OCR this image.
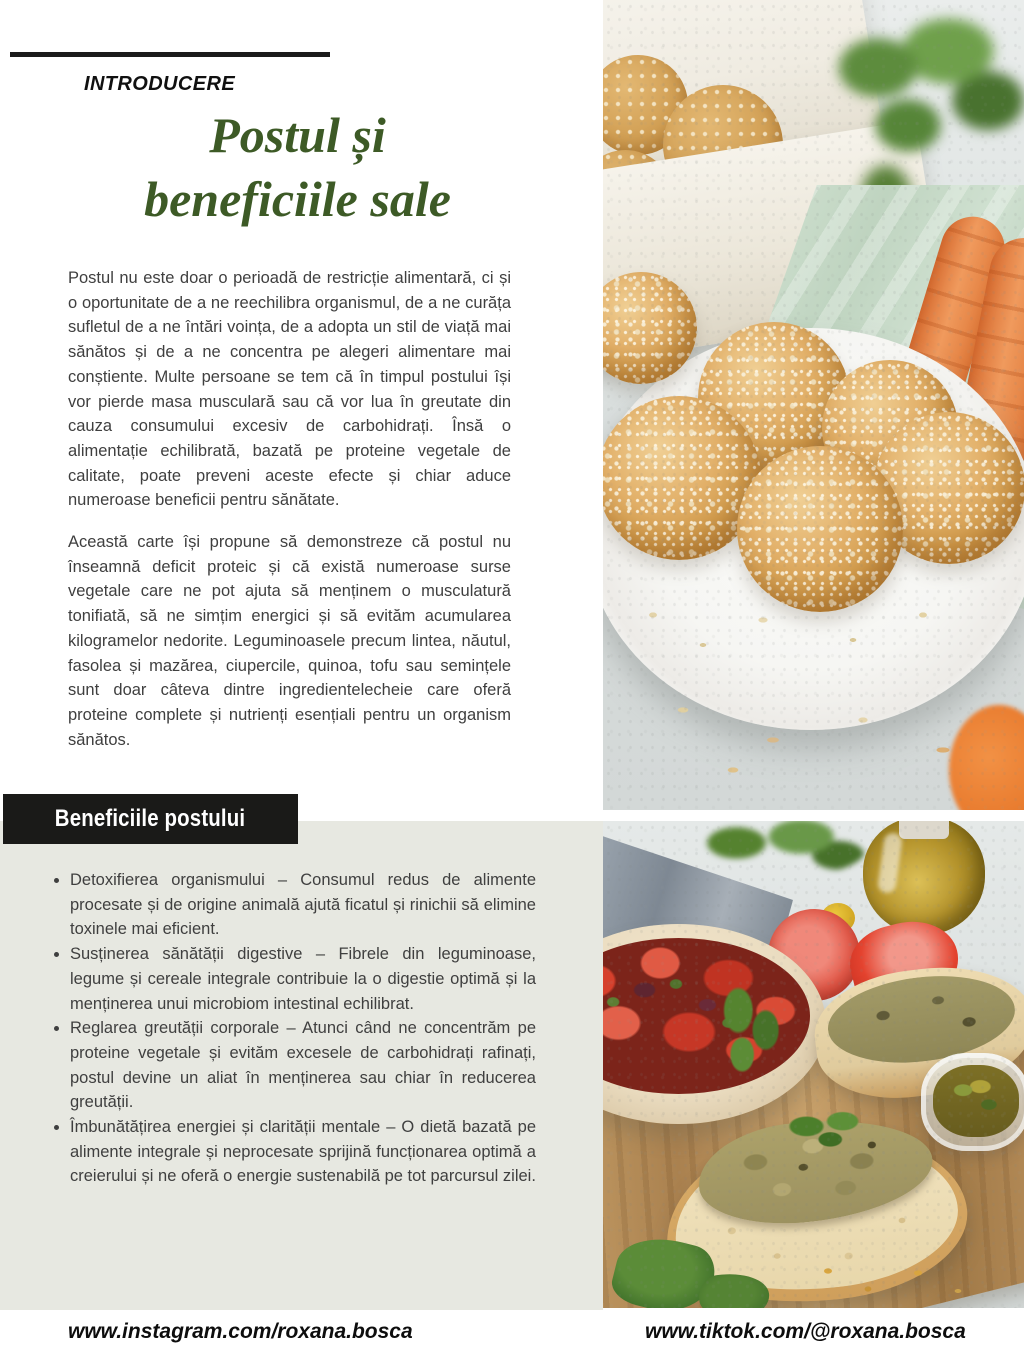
INTRODUCERE
Postul și
beneficiile sale

Postul nu este doar o perioadă de restricție alimentară, ci și o oportunitate de a ne reechilibra organismul, de a ne curăța sufletul de a ne întări voința, de a adopta un stil de viață mai sănătos și de a ne concentra pe alegeri alimentare mai conștiente. Multe persoane se tem că în timpul postului își vor pierde masa musculară sau că vor lua în greutate din cauza consumului excesiv de carbohidrați. Însă o alimentație echilibrată, bazată pe proteine vegetale de calitate, poate preveni aceste efecte și chiar aduce numeroase beneficii pentru sănătate.

Această carte își propune să demonstreze că postul nu înseamnă deficit proteic și că există numeroase surse vegetale care ne pot ajuta să menținem o musculatură tonifiată, să ne simțim energici și să evităm acumularea kilogramelor nedorite. Leguminoasele precum lintea, năutul, fasolea și mazărea, ciupercile, quinoa, tofu sau semințele sunt doar câteva dintre ingredientelecheie care oferă proteine complete și nutrienți esențiali pentru un organism sănătos.

Beneficiile postului
• Detoxifierea organismului – Consumul redus de alimente procesate și de origine animală ajută ficatul și rinichii să elimine toxinele mai eficient.
• Susținerea sănătății digestive – Fibrele din leguminoase, legume și cereale integrale contribuie la o digestie optimă și la menținerea unui microbiom intestinal echilibrat.
• Reglarea greutății corporale – Atunci când ne concentrăm pe proteine vegetale și evităm excesele de carbohidrați rafinați, postul devine un aliat în menținerea sau chiar în reducerea greutății.
• Îmbunătățirea energiei și clarității mentale – O dietă bazată pe alimente integrale și neprocesate sprijină funcționarea optimă a creierului și ne oferă o energie sustenabilă pe tot parcursul zilei.
www.instagram.com/roxana.bosca	www.tiktok.com/@roxana.bosca
